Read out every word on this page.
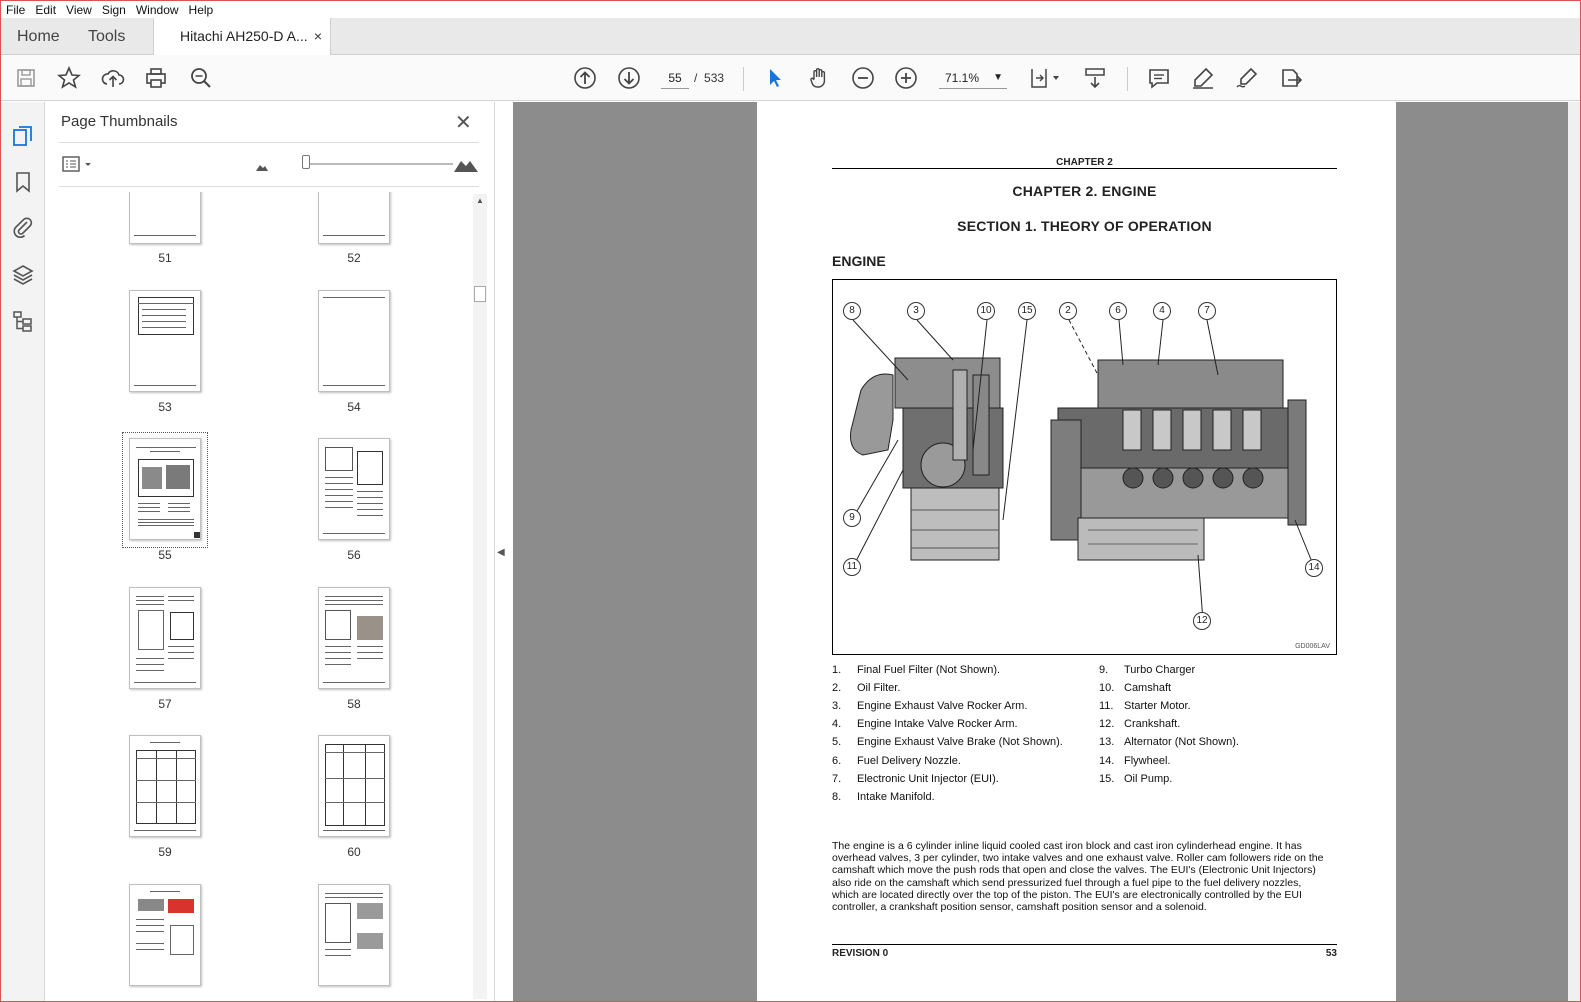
File Edit View Sign Window Help
Home Tools	Hitachi AH250-D A... ×
55	/ 533	71.1% ▼
Page Thumbnails	✕
51	52
53	54
55	56
57	58
59	60
▲
◀
CHAPTER 2
CHAPTER 2. ENGINE
SECTION 1. THEORY OF OPERATION
ENGINE
8	3	10	15	2	6	4	7
9
11	14
12
GD006LAV
1. Final Fuel Filter (Not Shown).
2. Oil Filter.
3. Engine Exhaust Valve Rocker Arm.
4. Engine Intake Valve Rocker Arm.
5. Engine Exhaust Valve Brake (Not Shown).
6. Fuel Delivery Nozzle.
7. Electronic Unit Injector (EUI).
8. Intake Manifold.
9. Turbo Charger
10. Camshaft
11. Starter Motor.
12. Crankshaft.
13. Alternator (Not Shown).
14. Flywheel.
15. Oil Pump.
The engine is a 6 cylinder inline liquid cooled cast iron block and cast iron cylinderhead engine. It has overhead valves, 3 per cylinder, two intake valves and one exhaust valve. Roller cam followers ride on the camshaft which move the push rods that open and close the valves. The EUI's (Electronic Unit Injectors) also ride on the camshaft which send pressurized fuel through a fuel pipe to the fuel delivery nozzles, which are located directly over the top of the piston. The EUI's are electronically controlled by the EUI controller, a crankshaft position sensor, camshaft position sensor and a solenoid.
REVISION 0	53
